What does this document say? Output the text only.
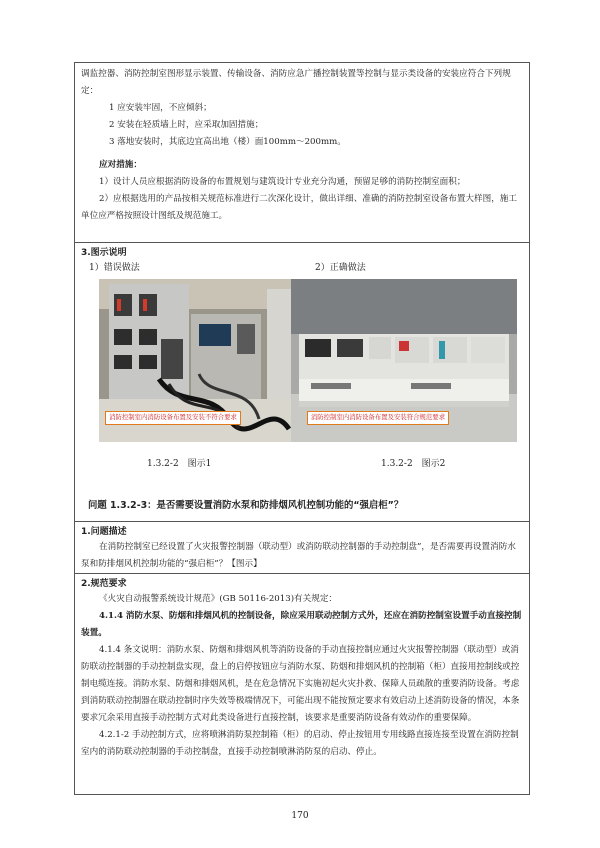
调监控器、消防控制室图形显示装置、传输设备、消防应急广播控制装置等控制与显示类设备的安装应符合下列规定：

1 应安装牢固，不应倾斜；

2 安装在轻质墙上时，应采取加固措施；

3 落地安装时，其底边宜高出地（楼）面100mm～200mm。

应对措施：

1）设计人员应根据消防设备的布置规划与建筑设计专业充分沟通，预留足够的消防控制室面积；

2）应根据选用的产品按相关规范标准进行二次深化设计，做出详细、准确的消防控制室设备布置大样图，施工单位应严格按照设计图纸及规范施工。

3.图示说明
1）错误做法	2）正确做法
消防控制室内消防设备布置及安装不符合要求	消防控制室内消防设备布置及安装符合规范要求
1.3.2-2　图示1	1.3.2-2　图示2
问题 1.3.2-3：是否需要设置消防水泵和防排烟风机控制功能的“强启柜”？
1.问题描述

在消防控制室已经设置了火灾报警控制器（联动型）或消防联动控制器的手动控制盘”，是否需要再设置消防水泵和防排烟风机控制功能的“强启柜”？【图示】

2.规范要求

《火灾自动报警系统设计规范》(GB 50116-2013)有关规定：

4.1.4 消防水泵、防烟和排烟风机的控制设备，除应采用联动控制方式外，还应在消防控制室设置手动直接控制装置。

4.1.4 条文说明：消防水泵、防烟和排烟风机等消防设备的手动直接控制应通过火灾报警控制器（联动型）或消防联动控制器的手动控制盘实现，盘上的启停按钮应与消防水泵、防烟和排烟风机的控制箱（柜）直接用控制线或控制电缆连接。消防水泵、防烟和排烟风机，是在危急情况下实施初起火灾扑救、保障人员疏散的重要消防设备。考虑到消防联动控制器在联动控制时序失效等极端情况下，可能出现不能按预定要求有效启动上述消防设备的情况，本条要求冗余采用直接手动控制方式对此类设备进行直接控制，该要求是重要消防设备有效动作的重要保障。

4.2.1-2 手动控制方式，应将喷淋消防泵控制箱（柜）的启动、停止按钮用专用线路直接连接至设置在消防控制室内的消防联动控制器的手动控制盘，直接手动控制喷淋消防泵的启动、停止。

170
